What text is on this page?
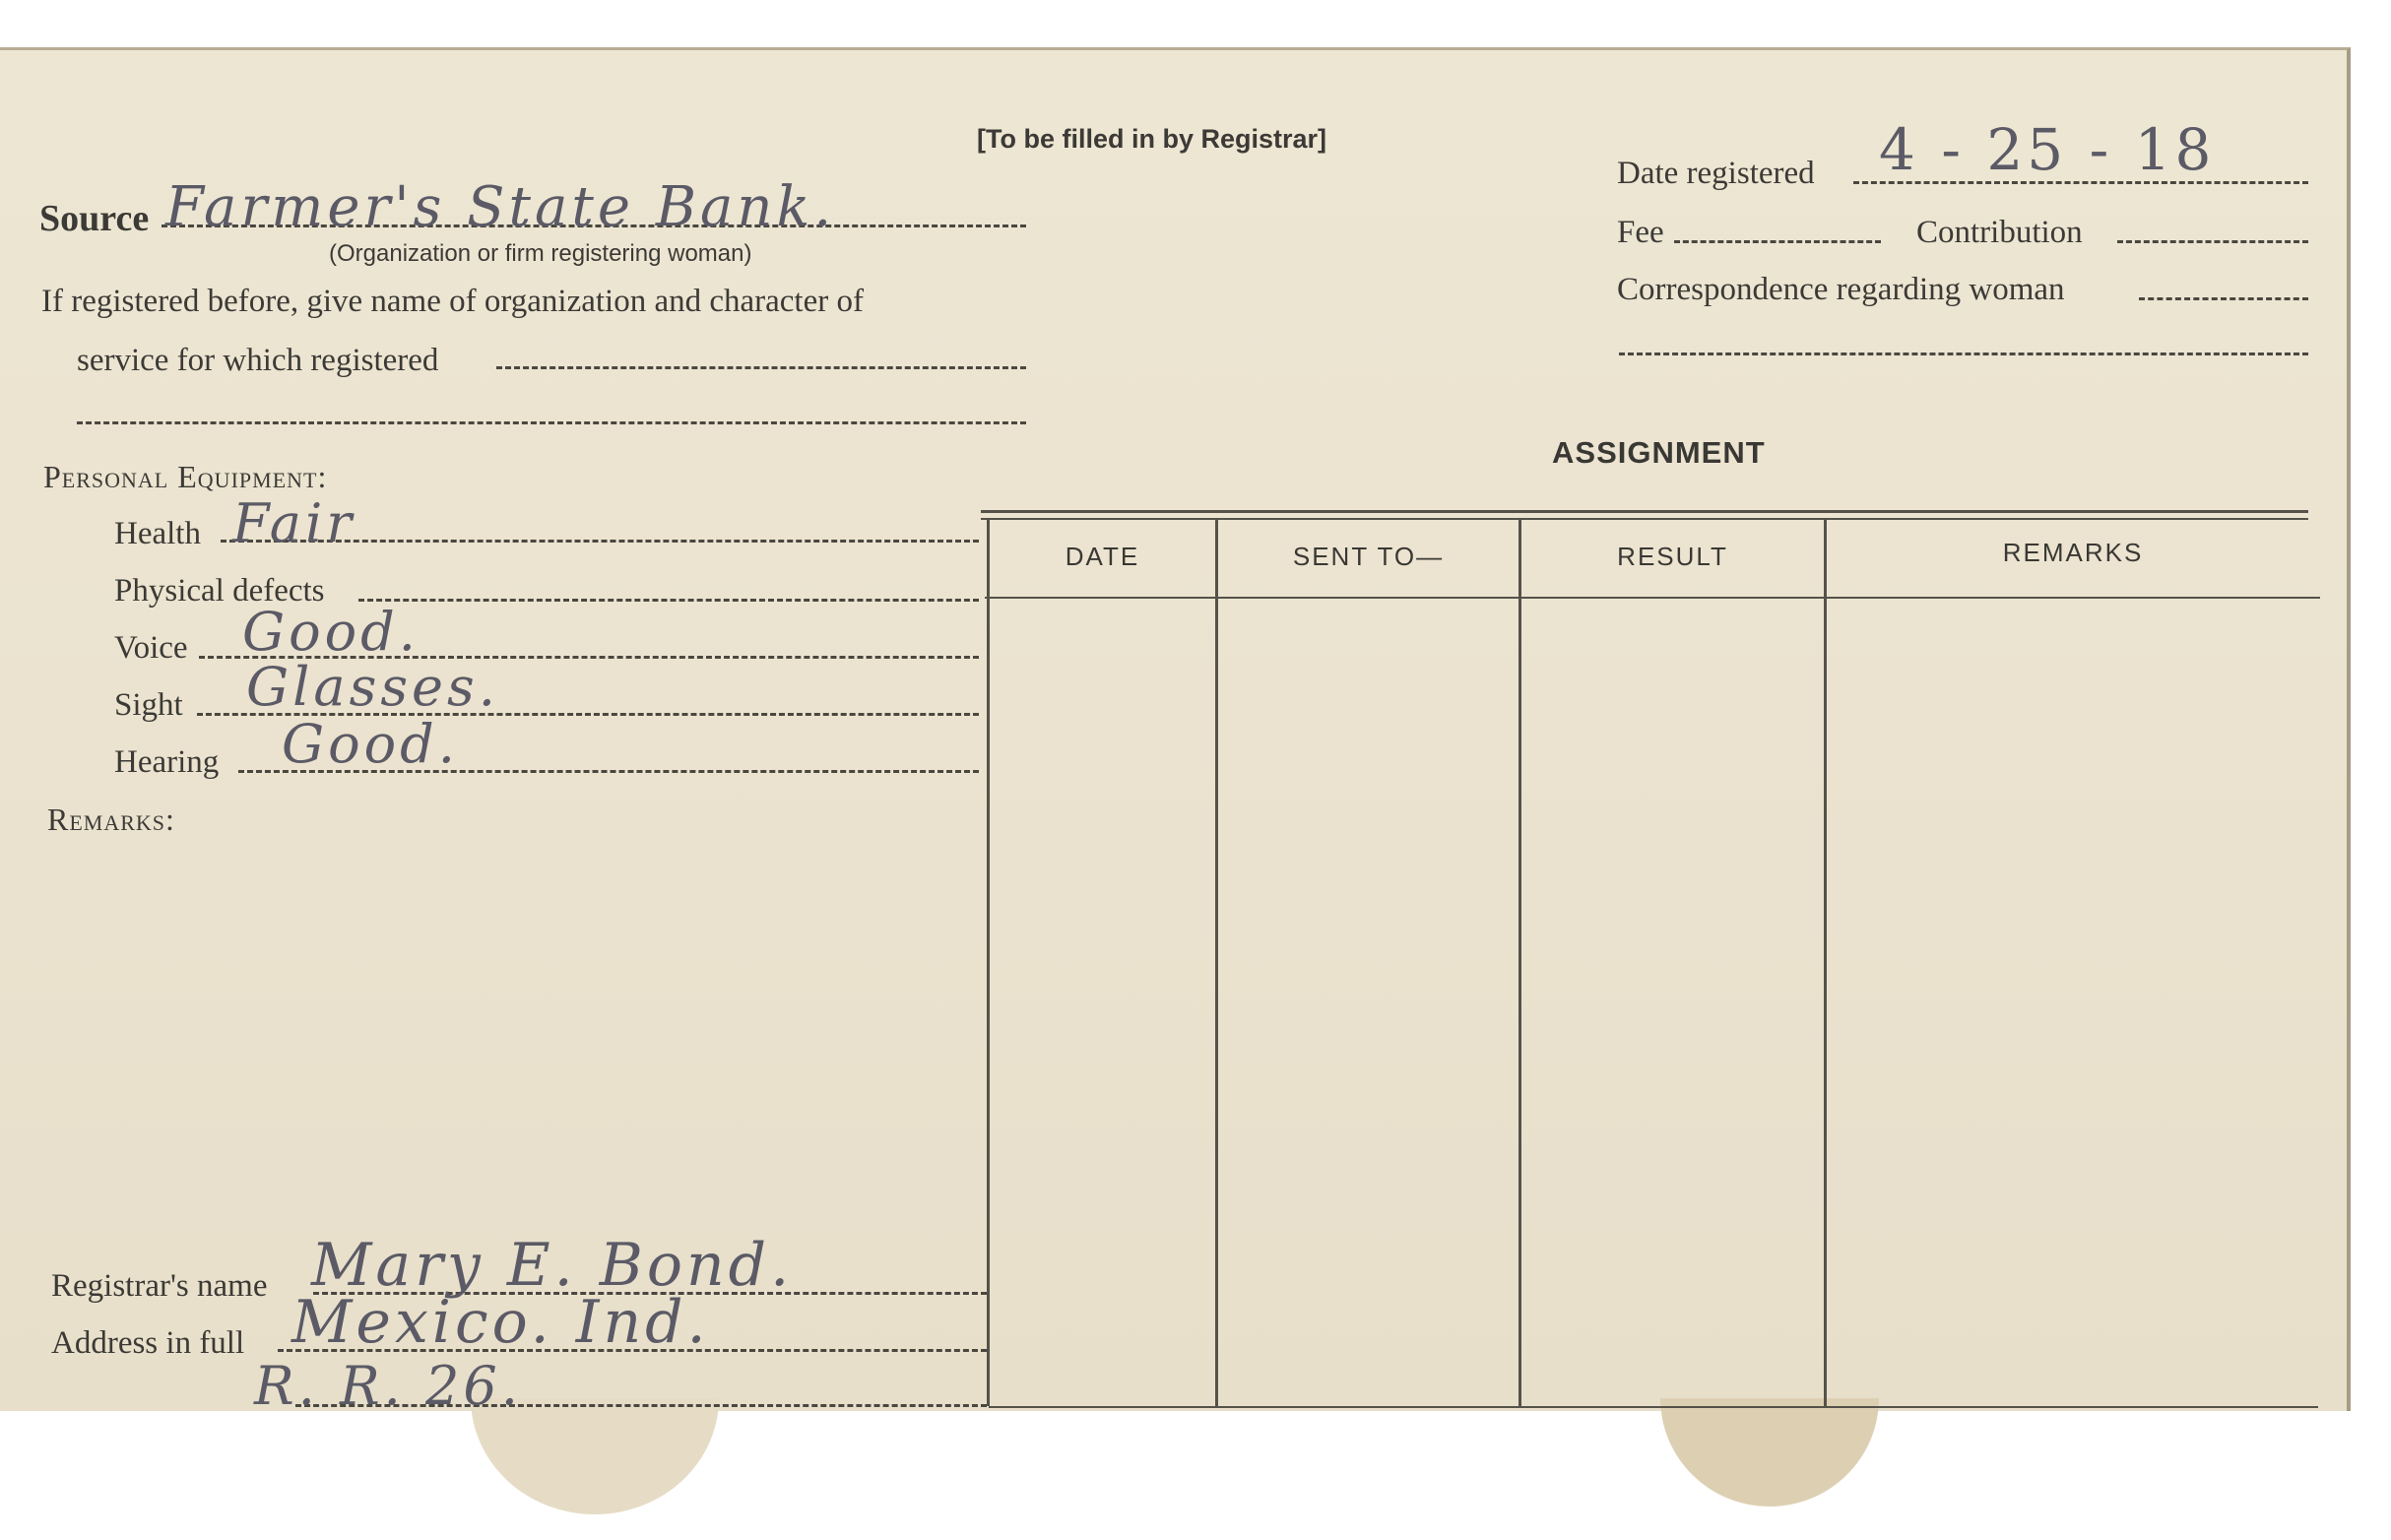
[To be filled in by Registrar]
Source Farmer's State Bank.
(Organization or firm registering woman)
If registered before, give name of organization and character of
service for which registered
Date registered 4 - 25 - 18
Fee	Contribution
Correspondence regarding woman
Personal Equipment:
Health Fair
Physical defects
Voice Good.
Sight Glasses.
Hearing Good.
Remarks:
ASSIGNMENT
DATE	SENT TO—	RESULT	REMARKS
Registrar's name Mary E. Bond.
Address in full Mexico. Ind.
R. R. 26.
